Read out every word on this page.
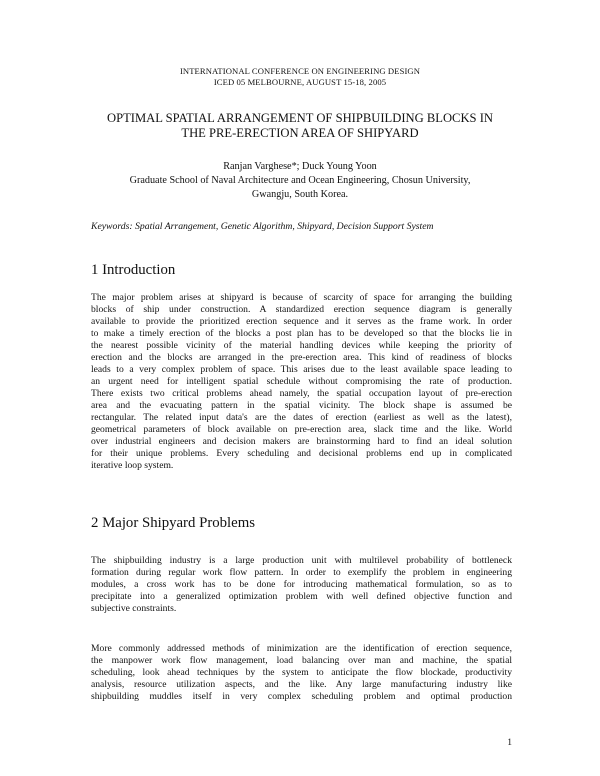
INTERNATIONAL CONFERENCE ON ENGINEERING DESIGN
ICED 05 MELBOURNE, AUGUST 15-18, 2005
OPTIMAL SPATIAL ARRANGEMENT OF SHIPBUILDING BLOCKS IN
THE PRE-ERECTION AREA OF SHIPYARD
Ranjan Varghese*; Duck Young Yoon
Graduate School of Naval Architecture and Ocean Engineering, Chosun University,
Gwangju, South Korea.
Keywords: Spatial Arrangement, Genetic Algorithm, Shipyard, Decision Support System
1 Introduction
The major problem arises at shipyard is because of scarcity of space for arranging the building
blocks of ship under construction. A standardized erection sequence diagram is generally
available to provide the prioritized erection sequence and it serves as the frame work. In order
to make a timely erection of the blocks a post plan has to be developed so that the blocks lie in
the nearest possible vicinity of the material handling devices while keeping the priority of
erection and the blocks are arranged in the pre-erection area. This kind of readiness of blocks
leads to a very complex problem of space. This arises due to the least available space leading to
an urgent need for intelligent spatial schedule without compromising the rate of production.
There exists two critical problems ahead namely, the spatial occupation layout of pre-erection
area and the evacuating pattern in the spatial vicinity. The block shape is assumed be
rectangular. The related input data's are the dates of erection (earliest as well as the latest),
geometrical parameters of block available on pre-erection area, slack time and the like. World
over industrial engineers and decision makers are brainstorming hard to find an ideal solution
for their unique problems. Every scheduling and decisional problems end up in complicated
iterative loop system.
2 Major Shipyard Problems
The shipbuilding industry is a large production unit with multilevel probability of bottleneck
formation during regular work flow pattern. In order to exemplify the problem in engineering
modules, a cross work has to be done for introducing mathematical formulation, so as to
precipitate into a generalized optimization problem with well defined objective function and
subjective constraints.
More commonly addressed methods of minimization are the identification of erection sequence,
the manpower work flow management, load balancing over man and machine, the spatial
scheduling, look ahead techniques by the system to anticipate the flow blockade, productivity
analysis, resource utilization aspects, and the like. Any large manufacturing industry like
shipbuilding muddles itself in very complex scheduling problem and optimal production
1
